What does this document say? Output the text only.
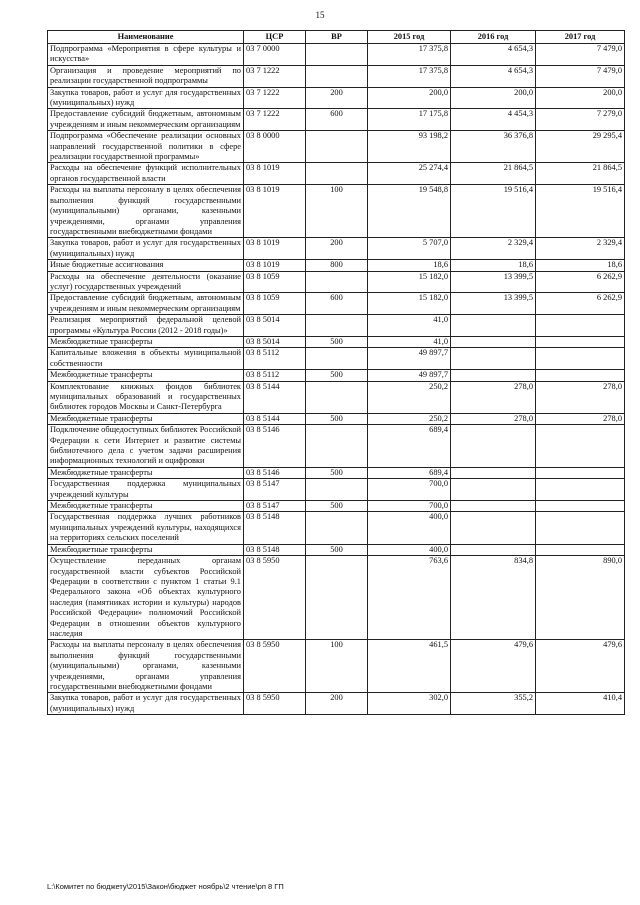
15
Наименование	ЦСР	ВР	2015 год	2016 год	2017 год
Подпрограмма «Мероприятия в сфере культуры и искусства»	03 7 0000		17 375,8	4 654,3	7 479,0
Организация и проведение мероприятий по реализации государственной подпрограммы	03 7 1222		17 375,8	4 654,3	7 479,0
Закупка товаров, работ и услуг для государственных (муниципальных) нужд	03 7 1222	200	200,0	200,0	200,0
Предоставление субсидий бюджетным, автономным учреждениям и иным некоммерческим организациям	03 7 1222	600	17 175,8	4 454,3	7 279,0
Подпрограмма «Обеспечение реализации основных направлений государственной политики в сфере реализации государственной программы»	03 8 0000		93 198,2	36 376,8	29 295,4
Расходы на обеспечение функций исполнительных органов государственной власти	03 8 1019		25 274,4	21 864,5	21 864,5
Расходы на выплаты персоналу в целях обеспечения выполнения функций государственными (муниципальными) органами, казенными учреждениями, органами управления государственными внебюджетными фондами	03 8 1019	100	19 548,8	19 516,4	19 516,4
Закупка товаров, работ и услуг для государственных (муниципальных) нужд	03 8 1019	200	5 707,0	2 329,4	2 329,4
Иные бюджетные ассигнования	03 8 1019	800	18,6	18,6	18,6
Расходы на обеспечение деятельности (оказание услуг) государственных учреждений	03 8 1059		15 182,0	13 399,5	6 262,9
Предоставление субсидий бюджетным, автономным учреждениям и иным некоммерческим организациям	03 8 1059	600	15 182,0	13 399,5	6 262,9
Реализация мероприятий федеральной целевой программы «Культура России (2012 - 2018 годы)»	03 8 5014		41,0		
Межбюджетные трансферты	03 8 5014	500	41,0		
Капитальные вложения в объекты муниципальной собственности	03 8 5112		49 897,7		
Межбюджетные трансферты	03 8 5112	500	49 897,7		
Комплектование книжных фондов библиотек муниципальных образований и государственных библиотек городов Москвы и Санкт-Петербурга	03 8 5144		250,2	278,0	278,0
Межбюджетные трансферты	03 8 5144	500	250,2	278,0	278,0
Подключение общедоступных библиотек Российской Федерации к сети Интернет и развитие системы библиотечного дела с учетом задачи расширения информационных технологий и оцифровки	03 8 5146		689,4		
Межбюджетные трансферты	03 8 5146	500	689,4		
Государственная поддержка муниципальных учреждений культуры	03 8 5147		700,0		
Межбюджетные трансферты	03 8 5147	500	700,0		
Государственная поддержка лучших работников муниципальных учреждений культуры, находящихся на территориях сельских поселений	03 8 5148		400,0		
Межбюджетные трансферты	03 8 5148	500	400,0		
Осуществление переданных органам государственной власти субъектов Российской Федерации в соответствии с пунктом 1 статьи 9.1 Федерального закона «Об объектах культурного наследия (памятниках истории и культуры) народов Российской Федерации» полномочий Российской Федерации в отношении объектов культурного наследия	03 8 5950		763,6	834,8	890,0
Расходы на выплаты персоналу в целях обеспечения выполнения функций государственными (муниципальными) органами, казенными учреждениями, органами управления государственными внебюджетными фондами	03 8 5950	100	461,5	479,6	479,6
Закупка товаров, работ и услуг для государственных (муниципальных) нужд	03 8 5950	200	302,0	355,2	410,4
L:\Комитет по бюджету\2015\Закон\бюджет ноябрь\2 чтение\рп 8 ГП
